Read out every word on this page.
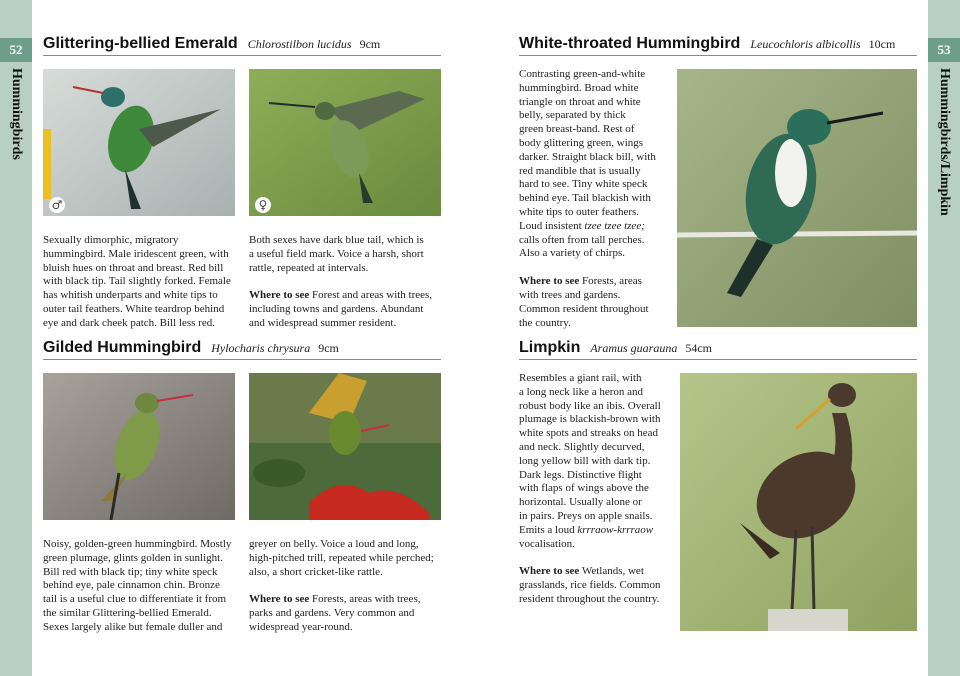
52
Hummingbirds
53
Hummingbirds/Limpkin
Glittering-bellied Emerald Chlorostilbon lucidus 9cm
♂	♀
Sexually dimorphic, migratory
hummingbird. Male iridescent green, with
bluish hues on throat and breast. Red bill
with black tip. Tail slightly forked. Female
has whitish underparts and white tips to
outer tail feathers. White teardrop behind
eye and dark cheek patch. Bill less red.
Both sexes have dark blue tail, which is
a useful field mark. Voice a harsh, short
rattle, repeated at intervals.
Where to see Forest and areas with trees,
including towns and gardens. Abundant
and widespread summer resident.
Gilded Hummingbird Hylocharis chrysura 9cm
Noisy, golden-green hummingbird. Mostly
green plumage, glints golden in sunlight.
Bill red with black tip; tiny white speck
behind eye, pale cinnamon chin. Bronze
tail is a useful clue to differentiate it from
the similar Glittering-bellied Emerald.
Sexes largely alike but female duller and
greyer on belly. Voice a loud and long,
high-pitched trill, repeated while perched;
also, a short cricket-like rattle.
Where to see Forests, areas with trees,
parks and gardens. Very common and
widespread year-round.
White-throated Hummingbird Leucochloris albicollis 10cm
Contrasting green-and-white
hummingbird. Broad white
triangle on throat and white
belly, separated by thick
green breast-band. Rest of
body glittering green, wings
darker. Straight black bill, with
red mandible that is usually
hard to see. Tiny white speck
behind eye. Tail blackish with
white tips to outer feathers.
Loud insistent tzee tzee tzee;
calls often from tall perches.
Also a variety of chirps.
Where to see Forests, areas
with trees and gardens.
Common resident throughout
the country.
Limpkin Aramus guarauna 54cm
Resembles a giant rail, with
a long neck like a heron and
robust body like an ibis. Overall
plumage is blackish-brown with
white spots and streaks on head
and neck. Slightly decurved,
long yellow bill with dark tip.
Dark legs. Distinctive flight
with flaps of wings above the
horizontal. Usually alone or
in pairs. Preys on apple snails.
Emits a loud krrraow-krrraow
vocalisation.
Where to see Wetlands, wet
grasslands, rice fields. Common
resident throughout the country.
